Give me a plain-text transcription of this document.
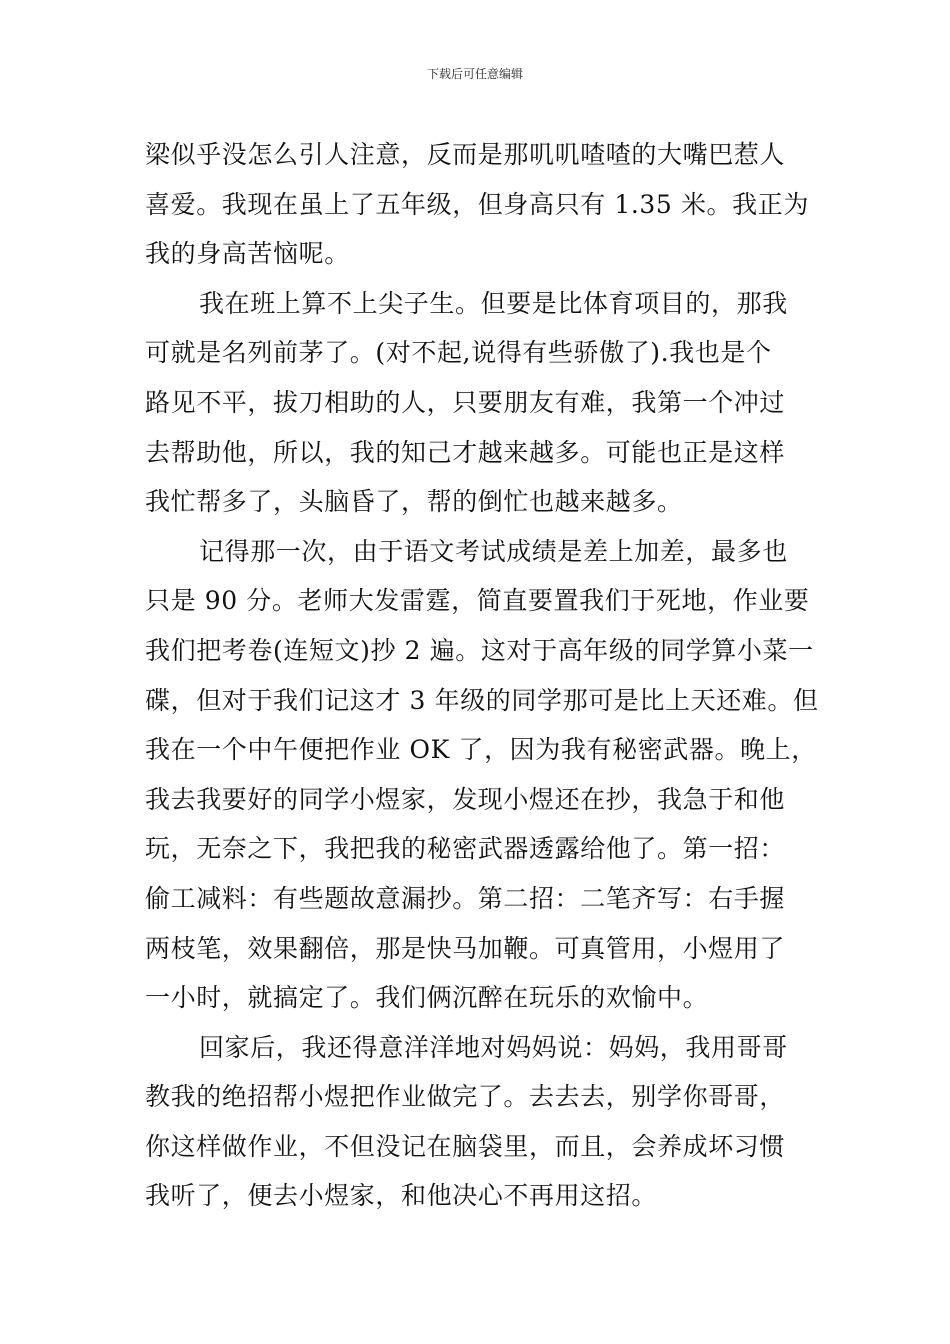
下载后可任意编辑
梁似乎没怎么引人注意，反而是那叽叽喳喳的大嘴巴惹人
喜爱。我现在虽上了五年级，但身高只有 1.35 米。我正为
我的身高苦恼呢。
我在班上算不上尖子生。但要是比体育项目的，那我
可就是名列前茅了。(对不起,说得有些骄傲了).我也是个
路见不平，拔刀相助的人，只要朋友有难，我第一个冲过
去帮助他，所以，我的知己才越来越多。可能也正是这样
我忙帮多了，头脑昏了，帮的倒忙也越来越多。
记得那一次，由于语文考试成绩是差上加差，最多也
只是 90 分。老师大发雷霆，简直要置我们于死地，作业要
我们把考卷(连短文)抄 2 遍。这对于高年级的同学算小菜一
碟，但对于我们记这才 3 年级的同学那可是比上天还难。但
我在一个中午便把作业 OK 了，因为我有秘密武器。晚上，
我去我要好的同学小煜家，发现小煜还在抄，我急于和他
玩，无奈之下，我把我的秘密武器透露给他了。第一招：
偷工减料：有些题故意漏抄。第二招：二笔齐写：右手握
两枝笔，效果翻倍，那是快马加鞭。可真管用，小煜用了
一小时，就搞定了。我们俩沉醉在玩乐的欢愉中。
回家后，我还得意洋洋地对妈妈说：妈妈，我用哥哥
教我的绝招帮小煜把作业做完了。去去去，别学你哥哥，
你这样做作业，不但没记在脑袋里，而且，会养成坏习惯
我听了，便去小煜家，和他决心不再用这招。
